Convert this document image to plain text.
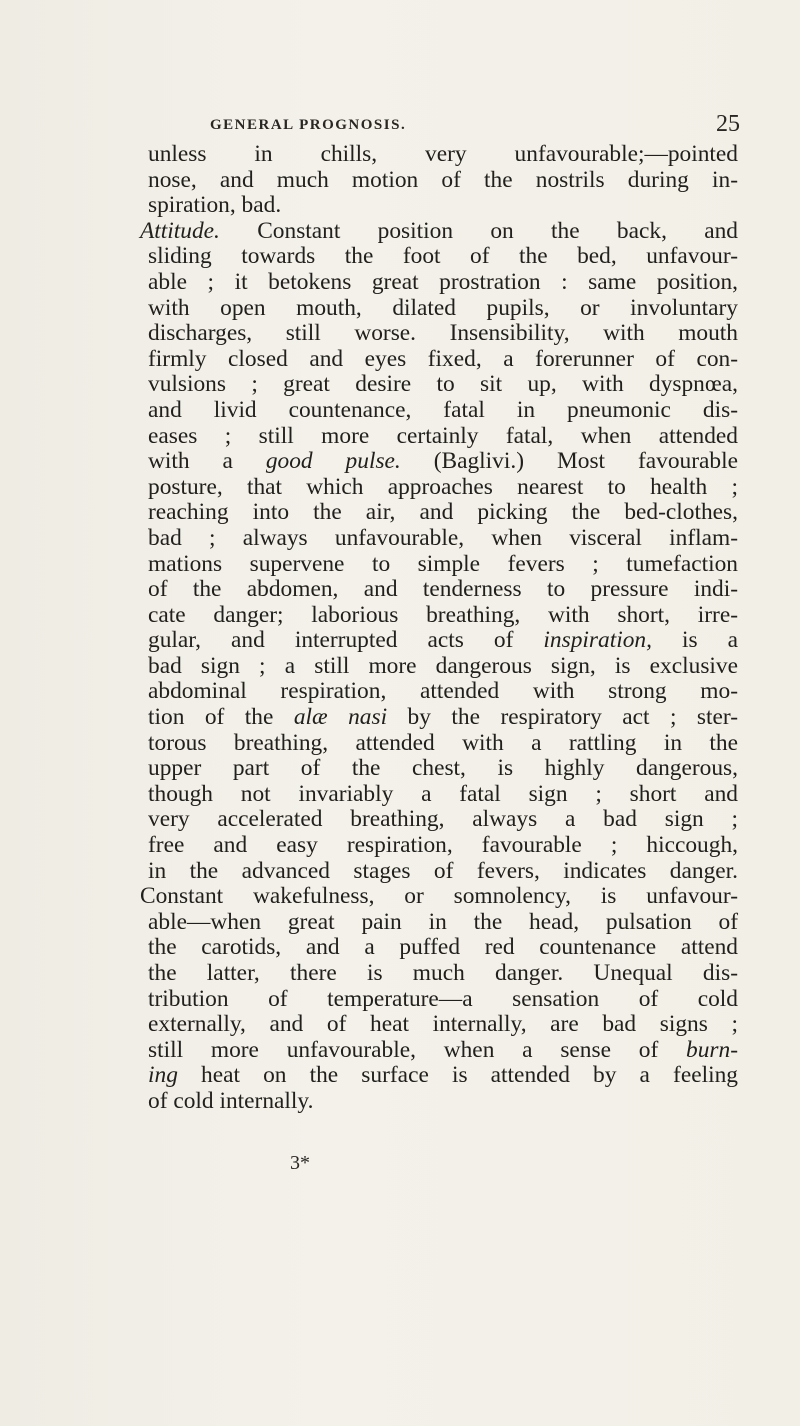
GENERAL PROGNOSIS.	25
unless in chills, very unfavourable;—pointed
nose, and much motion of the nostrils during in-
spiration, bad.
Attitude. Constant position on the back, and
sliding towards the foot of the bed, unfavour-
able ; it betokens great prostration : same position,
with open mouth, dilated pupils, or involuntary
discharges, still worse. Insensibility, with mouth
firmly closed and eyes fixed, a forerunner of con-
vulsions ; great desire to sit up, with dyspnœa,
and livid countenance, fatal in pneumonic dis-
eases ; still more certainly fatal, when attended
with a good pulse. (Baglivi.) Most favourable
posture, that which approaches nearest to health ;
reaching into the air, and picking the bed-clothes,
bad ; always unfavourable, when visceral inflam-
mations supervene to simple fevers ; tumefaction
of the abdomen, and tenderness to pressure indi-
cate danger; laborious breathing, with short, irre-
gular, and interrupted acts of inspiration, is a
bad sign ; a still more dangerous sign, is exclusive
abdominal respiration, attended with strong mo-
tion of the alæ nasi by the respiratory act ; ster-
torous breathing, attended with a rattling in the
upper part of the chest, is highly dangerous,
though not invariably a fatal sign ; short and
very accelerated breathing, always a bad sign ;
free and easy respiration, favourable ; hiccough,
in the advanced stages of fevers, indicates danger.
Constant wakefulness, or somnolency, is unfavour-
able—when great pain in the head, pulsation of
the carotids, and a puffed red countenance attend
the latter, there is much danger. Unequal dis-
tribution of temperature—a sensation of cold
externally, and of heat internally, are bad signs ;
still more unfavourable, when a sense of burn-
ing heat on the surface is attended by a feeling
of cold internally.
3*
